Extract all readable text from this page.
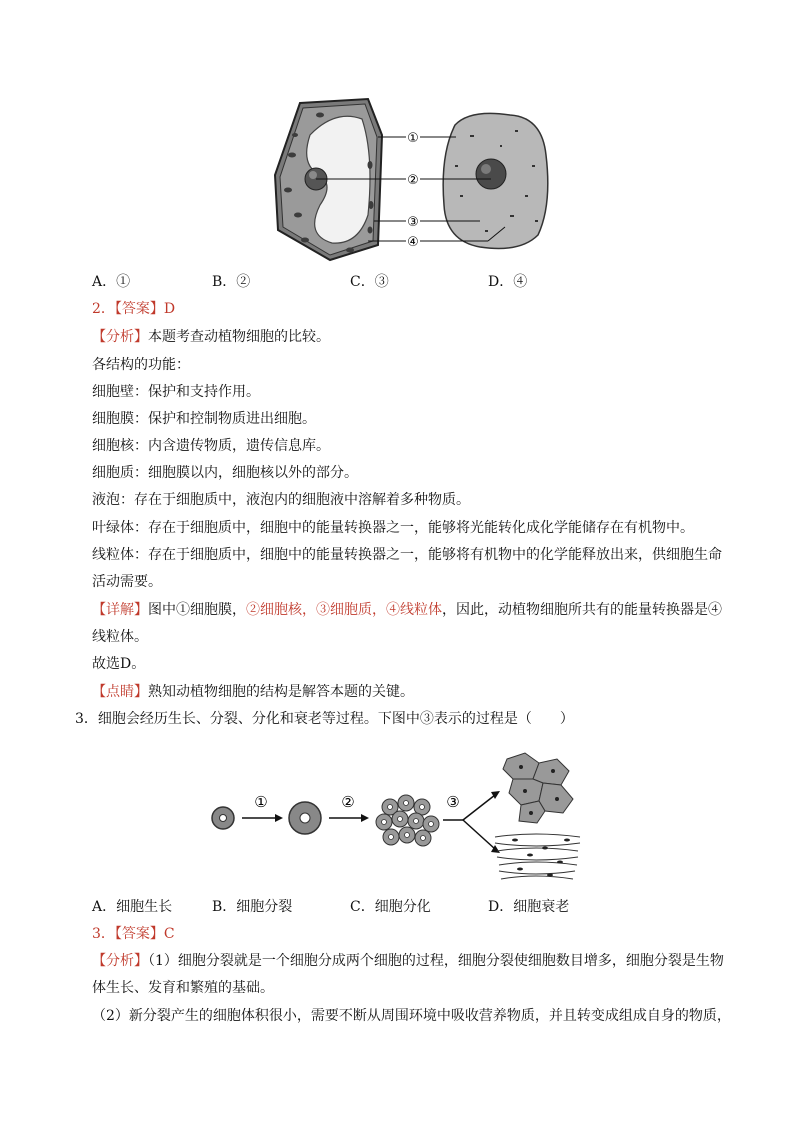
①
②
③
④
A．①	B．②	C．③	D．④
2．【答案】D
【分析】本题考查动植物细胞的比较。
各结构的功能：
细胞壁：保护和支持作用。
细胞膜：保护和控制物质进出细胞。
细胞核：内含遗传物质，遗传信息库。
细胞质：细胞膜以内，细胞核以外的部分。
液泡：存在于细胞质中，液泡内的细胞液中溶解着多种物质。
叶绿体：存在于细胞质中，细胞中的能量转换器之一，能够将光能转化成化学能储存在有机物中。
线粒体：存在于细胞质中，细胞中的能量转换器之一，能够将有机物中的化学能释放出来，供细胞生命
活动需要。
【详解】图中①细胞膜，②细胞核，③细胞质，④线粒体，因此，动植物细胞所共有的能量转换器是④
线粒体。
故选D。
【点睛】熟知动植物细胞的结构是解答本题的关键。
3．细胞会经历生长、分裂、分化和衰老等过程。下图中③表示的过程是（　　）
①	②	③
A．细胞生长	B．细胞分裂	C．细胞分化	D．细胞衰老
3．【答案】C
【分析】（1）细胞分裂就是一个细胞分成两个细胞的过程，细胞分裂使细胞数目增多，细胞分裂是生物
体生长、发育和繁殖的基础。
（2）新分裂产生的细胞体积很小，需要不断从周围环境中吸收营养物质，并且转变成组成自身的物质，
